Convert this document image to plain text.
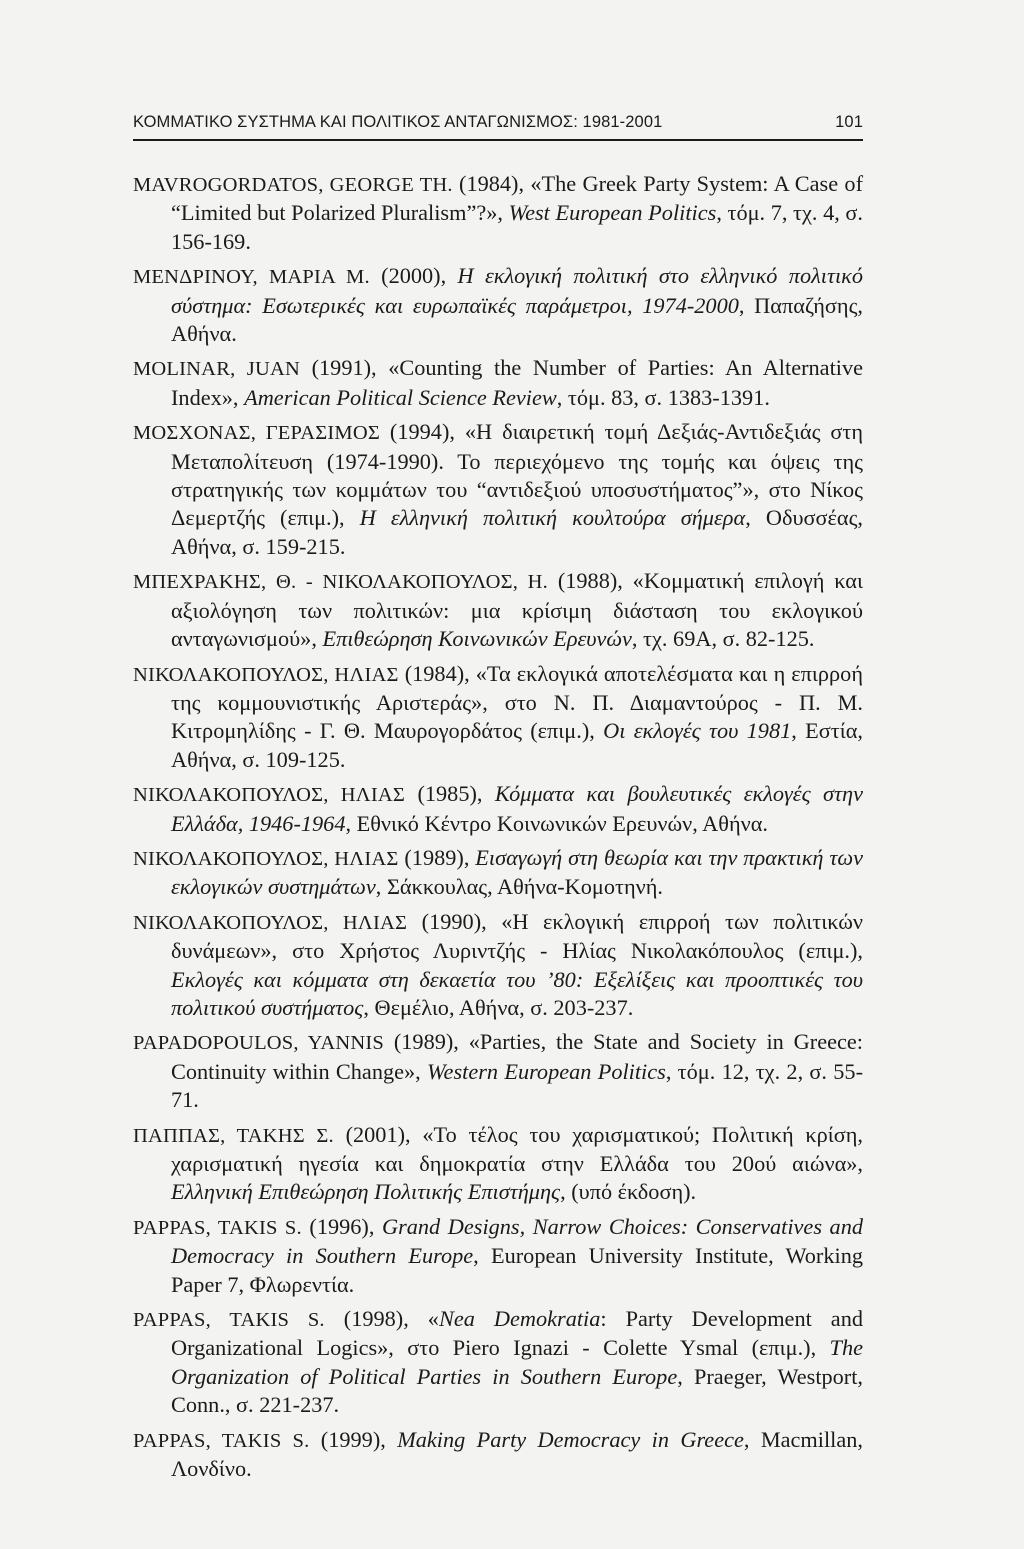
ΚΟΜΜΑΤΙΚΟ ΣΥΣΤΗΜΑ ΚΑΙ ΠΟΛΙΤΙΚΟΣ ΑΝΤΑΓΩΝΙΣΜΟΣ: 1981-2001	101

MAVROGORDATOS, GEORGE TH. (1984), «The Greek Party System: A Case of “Limited but Polarized Pluralism”?», West European Politics, τόμ. 7, τχ. 4, σ. 156-169.

ΜΕΝΔΡΙΝΟΥ, ΜΑΡΙΑ Μ. (2000), Η εκλογική πολιτική στο ελληνικό πολιτικό σύστημα: Εσωτερικές και ευρωπαϊκές παράμετροι, 1974-2000, Παπαζήσης, Αθήνα.

MOLINAR, JUAN (1991), «Counting the Number of Parties: An Alternative Index», American Political Science Review, τόμ. 83, σ. 1383-1391.

ΜΟΣΧΟΝΑΣ, ΓΕΡΑΣΙΜΟΣ (1994), «Η διαιρετική τομή Δεξιάς-Αντιδεξιάς στη Μεταπολίτευση (1974-1990). Το περιεχόμενο της τομής και όψεις της στρατηγικής των κομμάτων του “αντιδεξιού υποσυστήματος”», στο Νίκος Δεμερτζής (επιμ.), Η ελληνική πολιτική κουλτούρα σήμερα, Οδυσσέας, Αθήνα, σ. 159-215.

ΜΠΕΧΡΑΚΗΣ, Θ. - ΝΙΚΟΛΑΚΟΠΟΥΛΟΣ, Η. (1988), «Κομματική επιλογή και αξιολόγηση των πολιτικών: μια κρίσιμη διάσταση του εκλογικού ανταγωνισμού», Επιθεώρηση Κοινωνικών Ερευνών, τχ. 69Α, σ. 82-125.

ΝΙΚΟΛΑΚΟΠΟΥΛΟΣ, ΗΛΙΑΣ (1984), «Τα εκλογικά αποτελέσματα και η επιρροή της κομμουνιστικής Αριστεράς», στο Ν. Π. Διαμαντούρος - Π. Μ. Κιτρομηλίδης - Γ. Θ. Μαυρογορδάτος (επιμ.), Οι εκλογές του 1981, Εστία, Αθήνα, σ. 109-125.

ΝΙΚΟΛΑΚΟΠΟΥΛΟΣ, ΗΛΙΑΣ (1985), Κόμματα και βουλευτικές εκλογές στην Ελλάδα, 1946-1964, Εθνικό Κέντρο Κοινωνικών Ερευνών, Αθήνα.

ΝΙΚΟΛΑΚΟΠΟΥΛΟΣ, ΗΛΙΑΣ (1989), Εισαγωγή στη θεωρία και την πρακτική των εκλογικών συστημάτων, Σάκκουλας, Αθήνα-Κομοτηνή.

ΝΙΚΟΛΑΚΟΠΟΥΛΟΣ, ΗΛΙΑΣ (1990), «Η εκλογική επιρροή των πολιτικών δυνάμεων», στο Χρήστος Λυριντζής - Ηλίας Νικολακόπουλος (επιμ.), Εκλογές και κόμματα στη δεκαετία του ’80: Εξελίξεις και προοπτικές του πολιτικού συστήματος, Θεμέλιο, Αθήνα, σ. 203-237.

PAPADOPOULOS, YANNIS (1989), «Parties, the State and Society in Greece: Continuity within Change», Western European Politics, τόμ. 12, τχ. 2, σ. 55-71.

ΠΑΠΠΑΣ, ΤΑΚΗΣ Σ. (2001), «Το τέλος του χαρισματικού; Πολιτική κρίση, χαρισματική ηγεσία και δημοκρατία στην Ελλάδα του 20ού αιώνα», Ελληνική Επιθεώρηση Πολιτικής Επιστήμης, (υπό έκδοση).

PAPPAS, TAKIS S. (1996), Grand Designs, Narrow Choices: Conservatives and Democracy in Southern Europe, European University Institute, Working Paper 7, Φλωρεντία.

PAPPAS, TAKIS S. (1998), «Nea Demokratia: Party Development and Organizational Logics», στο Piero Ignazi - Colette Ysmal (επιμ.), The Organization of Political Parties in Southern Europe, Praeger, Westport, Conn., σ. 221-237.

PAPPAS, TAKIS S. (1999), Making Party Democracy in Greece, Macmillan, Λονδίνο.
